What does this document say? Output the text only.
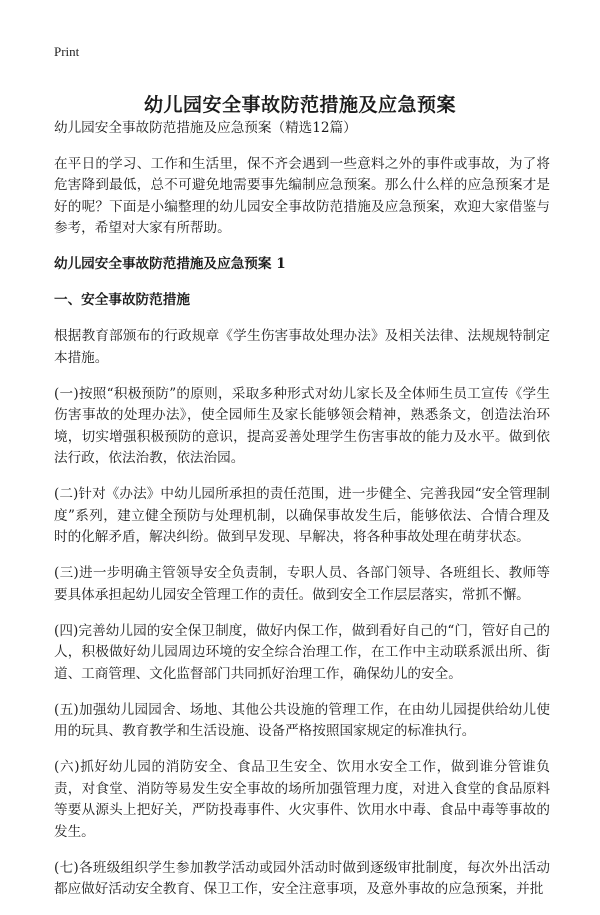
Print
幼儿园安全事故防范措施及应急预案

幼儿园安全事故防范措施及应急预案（精选12篇）

在平日的学习、工作和生活里，保不齐会遇到一些意料之外的事件或事故，为了将危害降到最低，总不可避免地需要事先编制应急预案。那么什么样的应急预案才是好的呢？下面是小编整理的幼儿园安全事故防范措施及应急预案，欢迎大家借鉴与参考，希望对大家有所帮助。

幼儿园安全事故防范措施及应急预案 1
一、安全事故防范措施

根据教育部颁布的行政规章《学生伤害事故处理办法》及相关法律、法规规特制定本措施。

(一)按照“积极预防”的原则，采取多种形式对幼儿家长及全体师生员工宣传《学生伤害事故的处理办法》，使全园师生及家长能够领会精神，熟悉条文，创造法治环境，切实增强积极预防的意识，提高妥善处理学生伤害事故的能力及水平。做到依法行政，依法治教，依法治园。

(二)针对《办法》中幼儿园所承担的责任范围，进一步健全、完善我园“安全管理制度”系列，建立健全预防与处理机制，以确保事故发生后，能够依法、合情合理及时的化解矛盾，解决纠纷。做到早发现、早解决，将各种事故处理在萌芽状态。

(三)进一步明确主管领导安全负责制，专职人员、各部门领导、各班组长、教师等要具体承担起幼儿园安全管理工作的责任。做到安全工作层层落实，常抓不懈。

(四)完善幼儿园的安全保卫制度，做好内保工作，做到看好自己的“门，管好自己的人，积极做好幼儿园周边环境的安全综合治理工作，在工作中主动联系派出所、街道、工商管理、文化监督部门共同抓好治理工作，确保幼儿的安全。

(五)加强幼儿园园舍、场地、其他公共设施的管理工作，在由幼儿园提供给幼儿使用的玩具、教育教学和生活设施、设备严格按照国家规定的标准执行。

(六)抓好幼儿园的消防安全、食品卫生安全、饮用水安全工作，做到谁分管谁负责，对食堂、消防等易发生安全事故的场所加强管理力度，对进入食堂的食品原料等要从源头上把好关，严防投毒事件、火灾事件、饮用水中毒、食品中毒等事故的发生。

(七)各班级组织学生参加教学活动或园外活动时做到逐级审批制度，每次外出活动都应做好活动安全教育、保卫工作，安全注意事项，及意外事故的应急预案，并批
